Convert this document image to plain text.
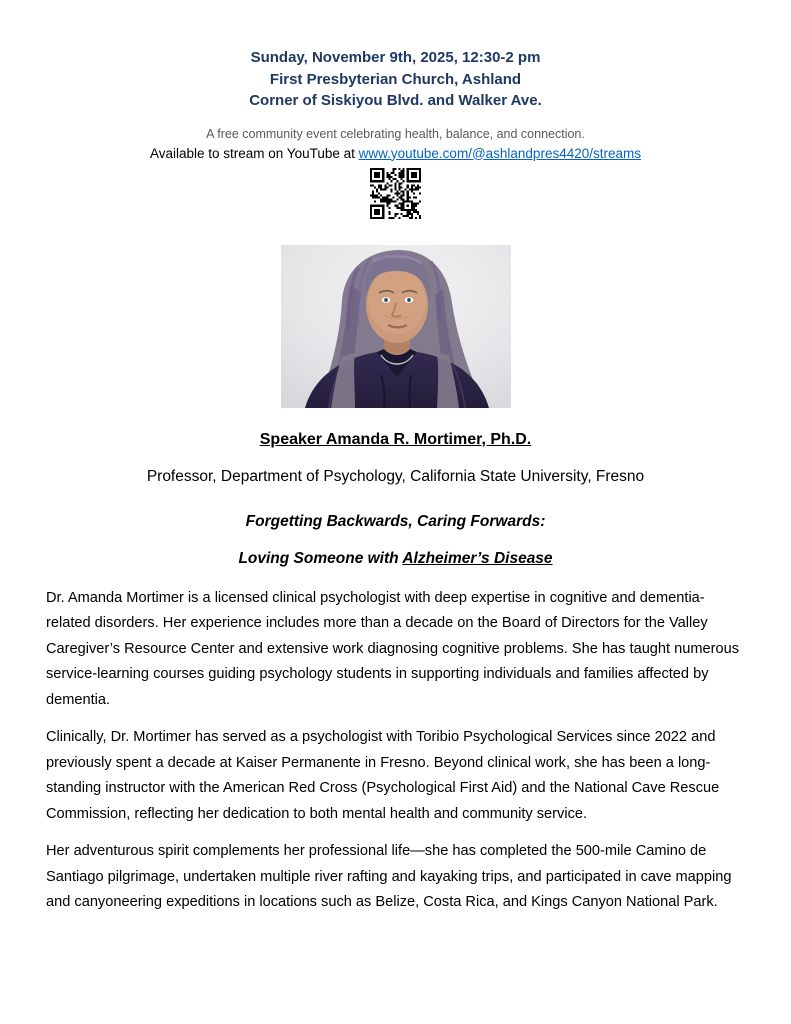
Sunday, November 9th, 2025, 12:30-2 pm
First Presbyterian Church, Ashland
Corner of Siskiyou Blvd. and Walker Ave.
A free community event celebrating health, balance, and connection.
Available to stream on YouTube at www.youtube.com/@ashlandpres4420/streams
Speaker Amanda R. Mortimer, Ph.D.
Professor, Department of Psychology, California State University, Fresno
Forgetting Backwards, Caring Forwards:
Loving Someone with Alzheimer’s Disease

Dr. Amanda Mortimer is a licensed clinical psychologist with deep expertise in cognitive and dementia-related disorders. Her experience includes more than a decade on the Board of Directors for the Valley Caregiver’s Resource Center and extensive work diagnosing cognitive problems. She has taught numerous service-learning courses guiding psychology students in supporting individuals and families affected by dementia.

Clinically, Dr. Mortimer has served as a psychologist with Toribio Psychological Services since 2022 and previously spent a decade at Kaiser Permanente in Fresno. Beyond clinical work, she has been a long-standing instructor with the American Red Cross (Psychological First Aid) and the National Cave Rescue Commission, reflecting her dedication to both mental health and community service.

Her adventurous spirit complements her professional life—she has completed the 500-mile Camino de Santiago pilgrimage, undertaken multiple river rafting and kayaking trips, and participated in cave mapping and canyoneering expeditions in locations such as Belize, Costa Rica, and Kings Canyon National Park.
